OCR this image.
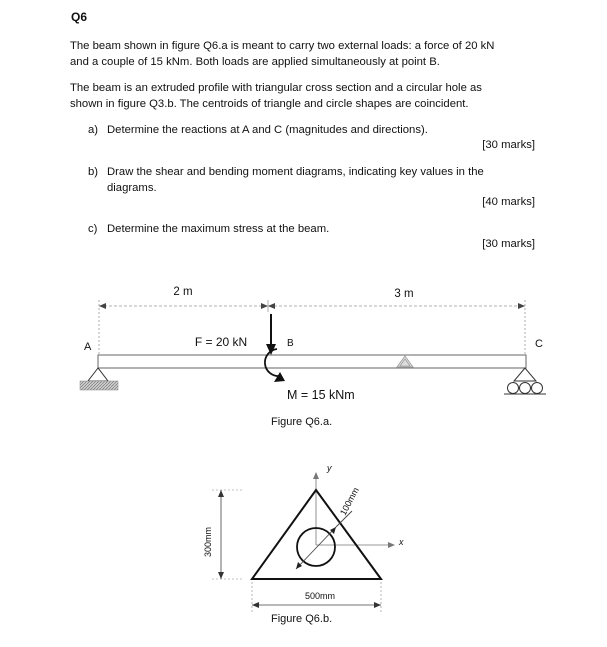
Q6
The beam shown in figure Q6.a is meant to carry two external loads: a force of 20 kN
and a couple of 15 kNm. Both loads are applied simultaneously at point B.
The beam is an extruded profile with triangular cross section and a circular hole as
shown in figure Q3.b. The centroids of triangle and circle shapes are coincident.
a) Determine the reactions at A and C (magnitudes and directions).
[30 marks]
b) Draw the shear and bending moment diagrams, indicating key values in the
diagrams.
[40 marks]
c) Determine the maximum stress at the beam.
[30 marks]
2 m	3 m
A	C
F = 20 kN	B
M = 15 kNm
Figure Q6.a.
y
x
100mm
300mm
500mm
Figure Q6.b.
